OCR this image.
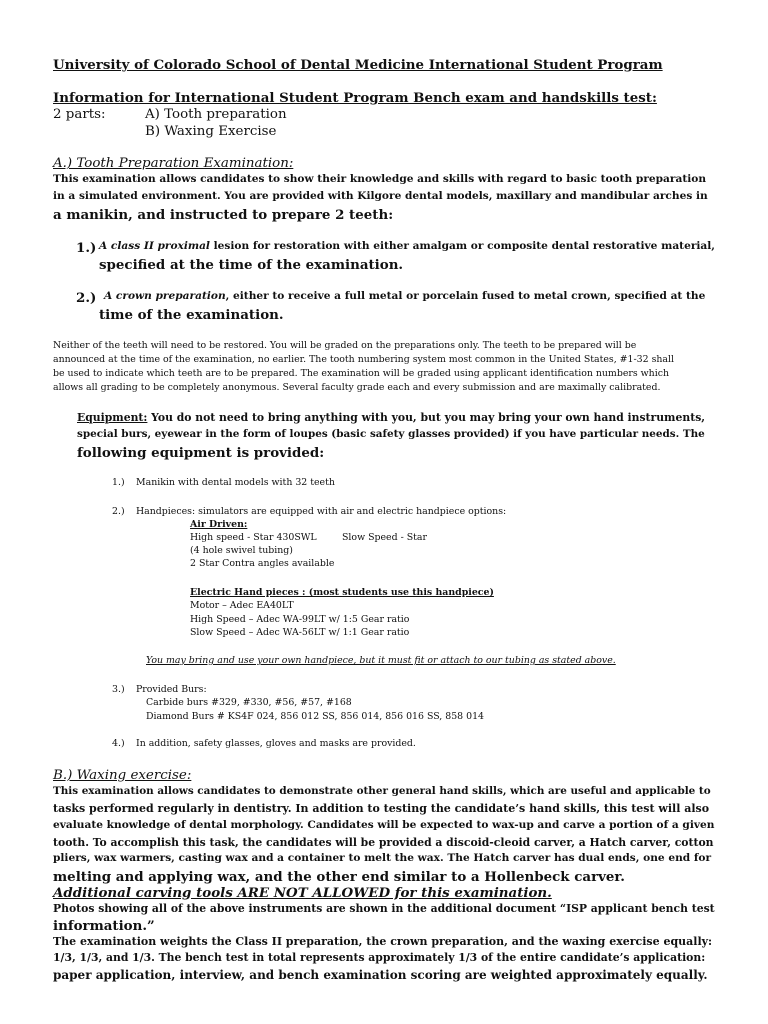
University of Colorado School of Dental Medicine International Student Program
Information for International Student Program Bench exam and handskills test:
2 parts:	A) Tooth preparation
B) Waxing Exercise
A.) Tooth Preparation Examination:
This examination allows candidates to show their knowledge and skills with regard to basic tooth preparation
in a simulated environment. You are provided with Kilgore dental models, maxillary and mandibular arches in
a manikin, and instructed to prepare 2 teeth:
1.) A class II proximal lesion for restoration with either amalgam or composite dental restorative material,
specified at the time of the examination.
2.) A crown preparation, either to receive a full metal or porcelain fused to metal crown, specified at the
time of the examination.
Neither of the teeth will need to be restored. You will be graded on the preparations only. The teeth to be prepared will be
announced at the time of the examination, no earlier. The tooth numbering system most common in the United States, #1-32 shall
be used to indicate which teeth are to be prepared. The examination will be graded using applicant identification numbers which
allows all grading to be completely anonymous. Several faculty grade each and every submission and are maximally calibrated.
Equipment: You do not need to bring anything with you, but you may bring your own hand instruments,
special burs, eyewear in the form of loupes (basic safety glasses provided) if you have particular needs. The
following equipment is provided:
1.) Manikin with dental models with 32 teeth
2.) Handpieces: simulators are equipped with air and electric handpiece options:
Air Driven:
High speed - Star 430SWL	Slow Speed - Star
(4 hole swivel tubing)
2 Star Contra angles available
Electric Hand pieces : (most students use this handpiece)
Motor – Adec EA40LT
High Speed – Adec WA-99LT w/ 1:5 Gear ratio
Slow Speed – Adec WA-56LT w/ 1:1 Gear ratio
You may bring and use your own handpiece, but it must fit or attach to our tubing as stated above.
3.) Provided Burs:
Carbide burs #329, #330, #56, #57, #168
Diamond Burs # KS4F 024, 856 012 SS, 856 014, 856 016 SS, 858 014
4.) In addition, safety glasses, gloves and masks are provided.
B.) Waxing exercise:
This examination allows candidates to demonstrate other general hand skills, which are useful and applicable to
tasks performed regularly in dentistry. In addition to testing the candidate’s hand skills, this test will also
evaluate knowledge of dental morphology. Candidates will be expected to wax-up and carve a portion of a given
tooth. To accomplish this task, the candidates will be provided a discoid-cleoid carver, a Hatch carver, cotton
pliers, wax warmers, casting wax and a container to melt the wax. The Hatch carver has dual ends, one end for
melting and applying wax, and the other end similar to a Hollenbeck carver.
Additional carving tools ARE NOT ALLOWED for this examination.
Photos showing all of the above instruments are shown in the additional document “ISP applicant bench test
information.”
The examination weights the Class II preparation, the crown preparation, and the waxing exercise equally:
1/3, 1/3, and 1/3. The bench test in total represents approximately 1/3 of the entire candidate’s application:
paper application, interview, and bench examination scoring are weighted approximately equally.
